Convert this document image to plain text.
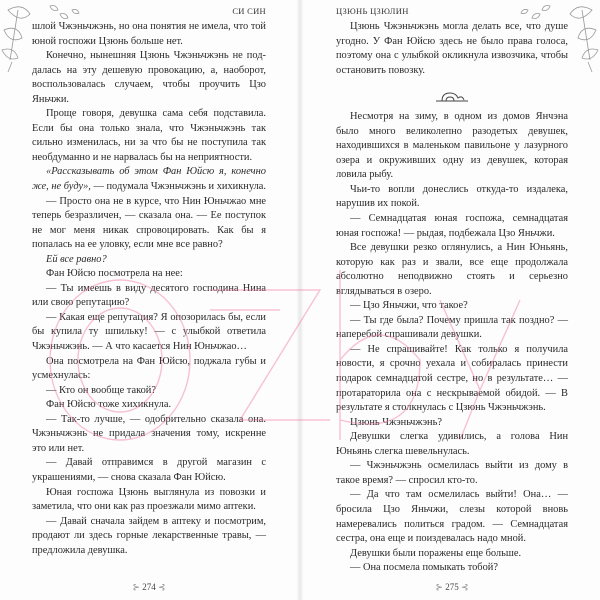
СИ СИН

шлой Чжэньчжэнь, но она понятия не имела, что той юной госпожи Цзюнь больше нет.

Конечно, нынешняя Цзюнь Чжэньчжэнь не поддалась на эту дешевую провокацию, а, наоборот, воспользовалась случаем, чтобы проучить Цзо Яньчжи.

Проще говоря, девушка сама себя подставила. Если бы она только знала, что Чжэньчжэнь так сильно изменилась, ни за что бы не поступила так необдуманно и не нарвалась бы на неприятности.

«Рассказывать об этом Фан Юйсю я, конечно же, не буду», — подумала Чжэньчжэнь и хихикнула.

— Просто она не в курсе, что Нин Юньчжао мне теперь безразличен, — сказала она. — Ее поступок не мог меня никак спровоцировать. Как бы я попалась на ее уловку, если мне все равно?

Ей все равно?

Фан Юйсю посмотрела на нее:

— Ты имеешь в виду десятого господина Нина или свою репутацию?

— Какая еще репутация? Я опозорилась бы, если бы купила ту шпильку! — с улыбкой ответила Чжэньчжэнь. — А что касается Нин Юньчжао…

Она посмотрела на Фан Юйсю, поджала губы и усмехнулась:

— Кто он вообще такой?

Фан Юйсю тоже хихикнула.

— Так-то лучше, — одобрительно сказала она. Чжэньчжэнь не придала значения тому, искренне это или нет.

— Давай отправимся в другой магазин с украшениями, — снова сказала Фан Юйсю.

Юная госпожа Цзюнь выглянула из повозки и заметила, что они как раз проезжали мимо аптеки.

— Давай сначала зайдем в аптеку и посмотрим, продают ли здесь горные лекарственные травы, — предложила девушка.

⊱ 274 ⊰
ЦЗЮНЬ ЦЗЮЛИН

Цзюнь Чжэньчжэнь могла делать все, что душе угодно. У Фан Юйсю здесь не было права голоса, поэтому она с улыбкой окликнула извозчика, чтобы остановить повозку.

Несмотря на зиму, в одном из домов Янчэна было много великолепно разодетых девушек, находившихся в маленьком павильоне у лазурного озера и окруживших одну из девушек, которая ловила рыбу.

Чьи-то вопли донеслись откуда-то издалека, нарушив их покой.

— Семнадцатая юная госпожа, семнадцатая юная госпожа! — рыдая, подбежала Цзо Яньчжи.

Все девушки резко оглянулись, а Нин Юньянь, которую как раз и звали, все еще продолжала абсолютно неподвижно стоять и серьезно вглядываться в озеро.

— Цзо Яньчжи, что такое?

— Ты где была? Почему пришла так поздно? — наперебой спрашивали девушки.

— Не спрашивайте! Как только я получила новости, я срочно уехала и собиралась принести подарок семнадцатой сестре, но в результате… — протараторила она с нескрываемой обидой. — В результате я столкнулась с Цзюнь Чжэньчжэнь.

Цзюнь Чжэньчжэнь?

Девушки слегка удивились, а голова Нин Юньянь слегка шевельнулась.

— Чжэньчжэнь осмелилась выйти из дому в такое время? — спросил кто-то.

— Да что там осмелилась выйти! Она… — бросила Цзо Яньчжи, слезы которой вновь намеревались политься градом. — Семнадцатая сестра, она еще и поиздевалась надо мной.

Девушки были поражены еще больше.

— Она посмела помыкать тобой?

⊱ 275 ⊰
